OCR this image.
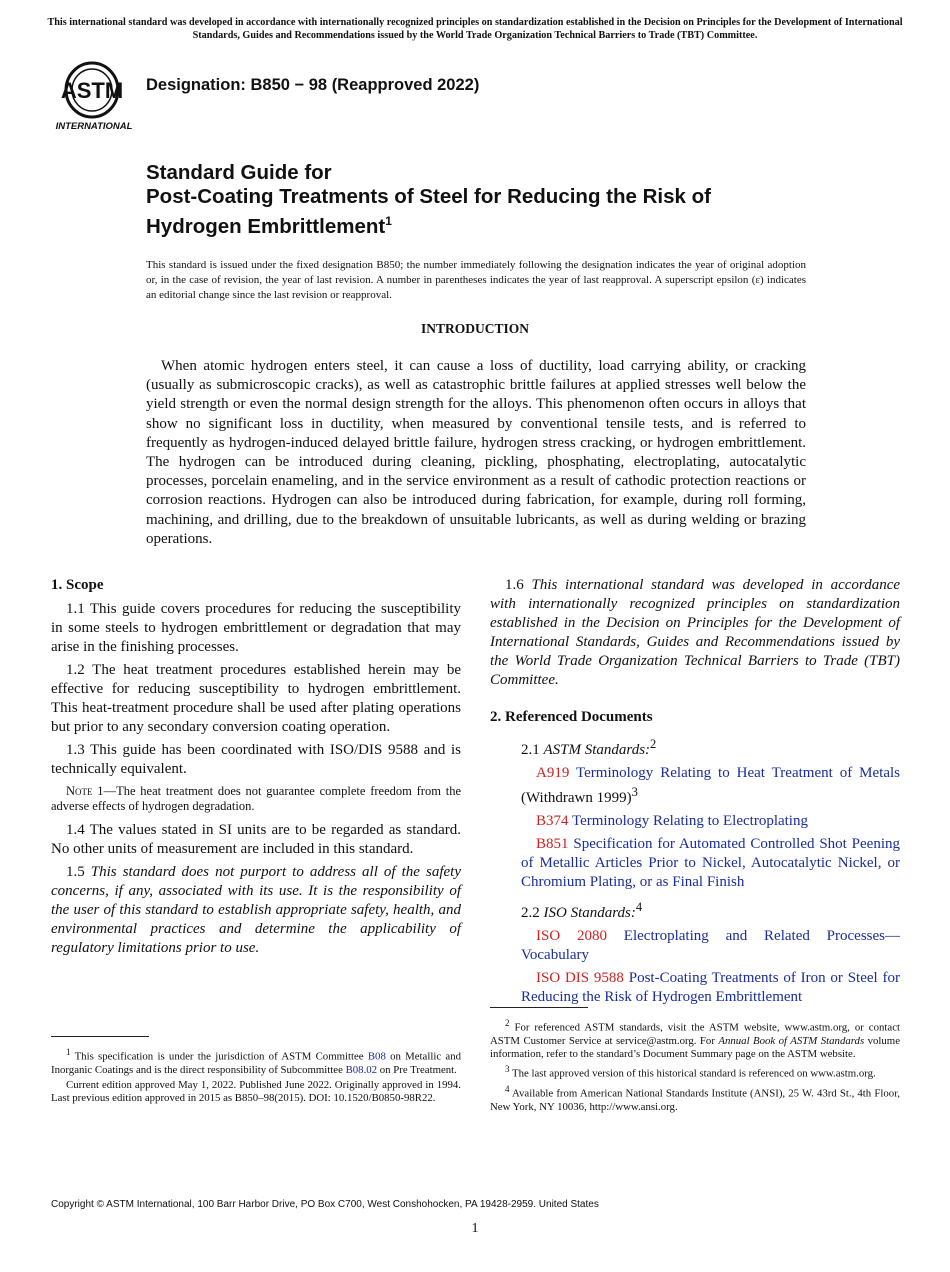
This international standard was developed in accordance with internationally recognized principles on standardization established in the Decision on Principles for the Development of International Standards, Guides and Recommendations issued by the World Trade Organization Technical Barriers to Trade (TBT) Committee.
ASTM
INTERNATIONAL
Designation: B850 − 98 (Reapproved 2022)
Standard Guide for
Post-Coating Treatments of Steel for Reducing the Risk of
Hydrogen Embrittlement$^1$
This standard is issued under the fixed designation B850; the number immediately following the designation indicates the year of original adoption or, in the case of revision, the year of last revision. A number in parentheses indicates the year of last reapproval. A superscript epsilon (ε) indicates an editorial change since the last revision or reapproval.
INTRODUCTION

When atomic hydrogen enters steel, it can cause a loss of ductility, load carrying ability, or cracking (usually as submicroscopic cracks), as well as catastrophic brittle failures at applied stresses well below the yield strength or even the normal design strength for the alloys. This phenomenon often occurs in alloys that show no significant loss in ductility, when measured by conventional tensile tests, and is referred to frequently as hydrogen-induced delayed brittle failure, hydrogen stress cracking, or hydrogen embrittlement. The hydrogen can be introduced during cleaning, pickling, phosphating, electroplating, autocatalytic processes, porcelain enameling, and in the service environment as a result of cathodic protection reactions or corrosion reactions. Hydrogen can also be introduced during fabrication, for example, during roll forming, machining, and drilling, due to the breakdown of unsuitable lubricants, as well as during welding or brazing operations.

1. Scope

1.1 This guide covers procedures for reducing the susceptibility in some steels to hydrogen embrittlement or degradation that may arise in the finishing processes.

1.2 The heat treatment procedures established herein may be effective for reducing susceptibility to hydrogen embrittlement. This heat-treatment procedure shall be used after plating operations but prior to any secondary conversion coating operation.

1.3 This guide has been coordinated with ISO/DIS 9588 and is technically equivalent.

Note 1—The heat treatment does not guarantee complete freedom from the adverse effects of hydrogen degradation.

1.4 The values stated in SI units are to be regarded as standard. No other units of measurement are included in this standard.

1.5 This standard does not purport to address all of the safety concerns, if any, associated with its use. It is the responsibility of the user of this standard to establish appropriate safety, health, and environmental practices and determine the applicability of regulatory limitations prior to use.

1.6 This international standard was developed in accordance with internationally recognized principles on standardization established in the Decision on Principles for the Development of International Standards, Guides and Recommendations issued by the World Trade Organization Technical Barriers to Trade (TBT) Committee.

2. Referenced Documents

2.1 ASTM Standards:$^2$

A919 Terminology Relating to Heat Treatment of Metals (Withdrawn 1999)$^3$

B374 Terminology Relating to Electroplating

B851 Specification for Automated Controlled Shot Peening of Metallic Articles Prior to Nickel, Autocatalytic Nickel, or Chromium Plating, or as Final Finish

2.2 ISO Standards:$^4$

ISO 2080 Electroplating and Related Processes—Vocabulary

ISO DIS 9588 Post-Coating Treatments of Iron or Steel for Reducing the Risk of Hydrogen Embrittlement

$^1$ This specification is under the jurisdiction of ASTM Committee B08 on Metallic and Inorganic Coatings and is the direct responsibility of Subcommittee B08.02 on Pre Treatment.

Current edition approved May 1, 2022. Published June 2022. Originally approved in 1994. Last previous edition approved in 2015 as B850–98(2015). DOI: 10.1520/B0850-98R22.

$^2$ For referenced ASTM standards, visit the ASTM website, www.astm.org, or contact ASTM Customer Service at service@astm.org. For Annual Book of ASTM Standards volume information, refer to the standard’s Document Summary page on the ASTM website.

$^3$ The last approved version of this historical standard is referenced on www.astm.org.

$^4$ Available from American National Standards Institute (ANSI), 25 W. 43rd St., 4th Floor, New York, NY 10036, http://www.ansi.org.

Copyright © ASTM International, 100 Barr Harbor Drive, PO Box C700, West Conshohocken, PA 19428-2959. United States
1
